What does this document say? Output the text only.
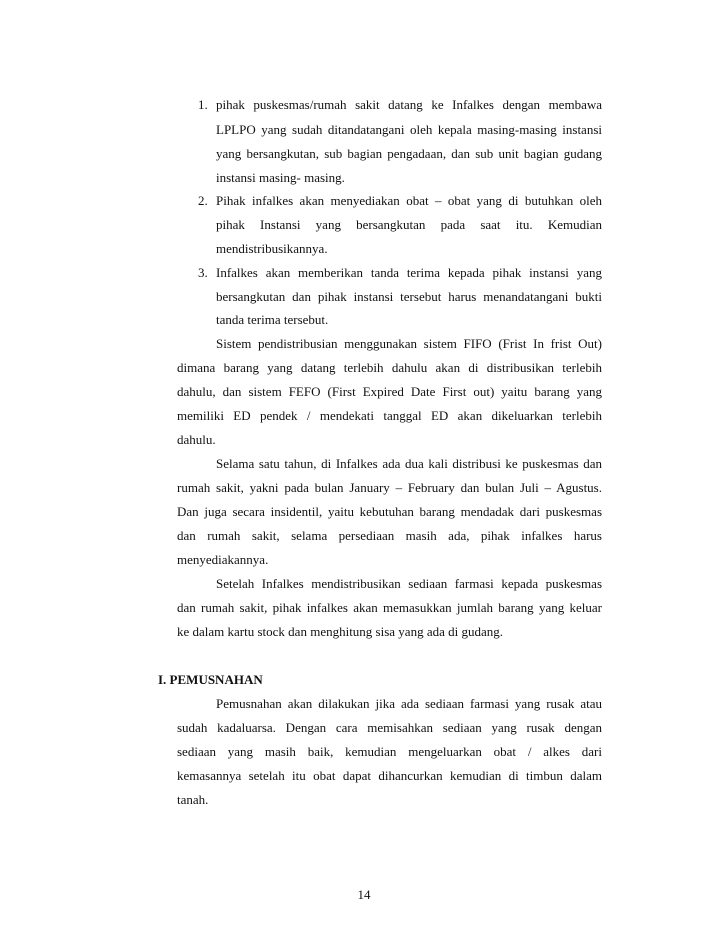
1. pihak puskesmas/rumah sakit datang ke Infalkes dengan membawa
LPLPO yang sudah ditandatangani oleh kepala masing-masing instansi
yang bersangkutan, sub bagian pengadaan, dan sub unit bagian gudang
instansi masing- masing.
2. Pihak infalkes akan menyediakan obat – obat yang di butuhkan oleh
pihak Instansi yang bersangkutan pada saat itu. Kemudian
mendistribusikannya.
3. Infalkes akan memberikan tanda terima kepada pihak instansi yang
bersangkutan dan pihak instansi tersebut harus menandatangani bukti
tanda terima tersebut.
Sistem pendistribusian menggunakan sistem FIFO (Frist In frist Out)
dimana barang yang datang terlebih dahulu akan di distribusikan terlebih
dahulu, dan sistem FEFO (First Expired Date First out) yaitu barang yang
memiliki ED pendek / mendekati tanggal ED akan dikeluarkan terlebih
dahulu.
Selama satu tahun, di Infalkes ada dua kali distribusi ke puskesmas dan
rumah sakit, yakni pada bulan January – February dan bulan Juli – Agustus.
Dan juga secara insidentil, yaitu kebutuhan barang mendadak dari puskesmas
dan rumah sakit, selama persediaan masih ada, pihak infalkes harus
menyediakannya.
Setelah Infalkes mendistribusikan sediaan farmasi kepada puskesmas
dan rumah sakit, pihak infalkes akan memasukkan jumlah barang yang keluar
ke dalam kartu stock dan menghitung sisa yang ada di gudang.
I. PEMUSNAHAN
Pemusnahan akan dilakukan jika ada sediaan farmasi yang rusak atau
sudah kadaluarsa. Dengan cara memisahkan sediaan yang rusak dengan
sediaan yang masih baik, kemudian mengeluarkan obat / alkes dari
kemasannya setelah itu obat dapat dihancurkan kemudian di timbun dalam
tanah.
14
